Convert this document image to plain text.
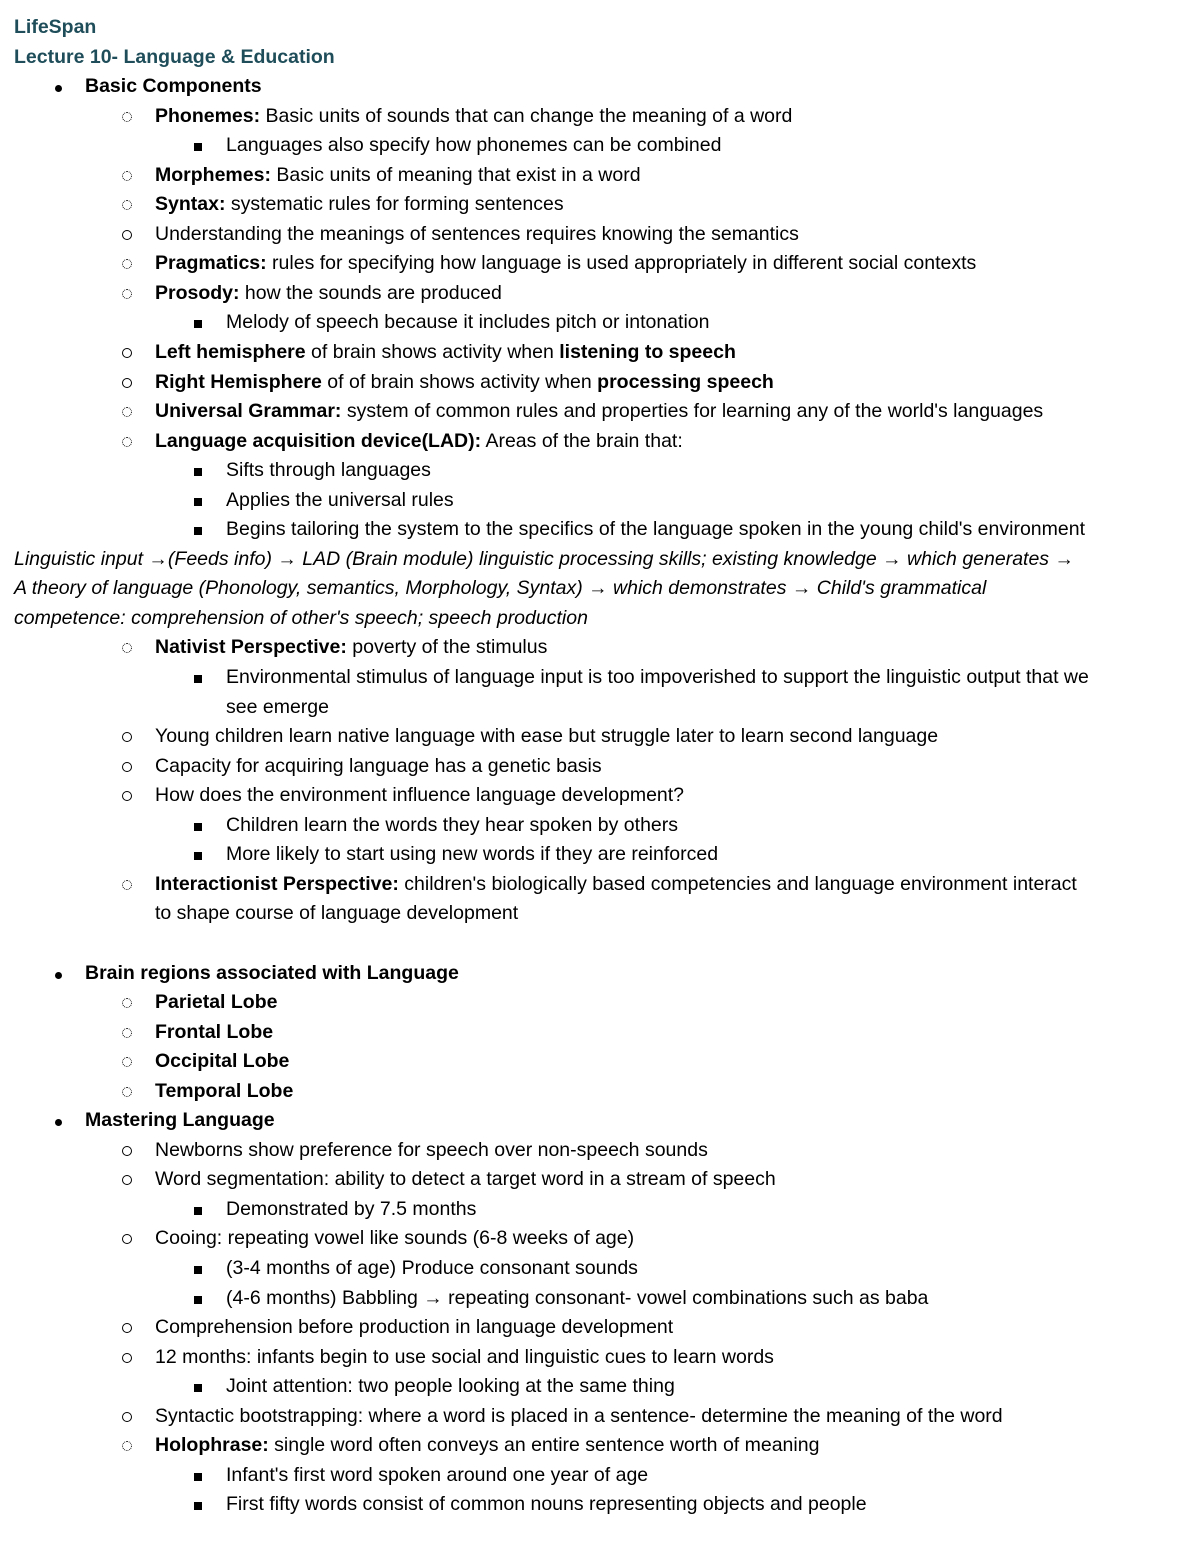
LifeSpan
Lecture 10- Language & Education
Basic Components
Phonemes: Basic units of sounds that can change the meaning of a word
Languages also specify how phonemes can be combined
Morphemes: Basic units of meaning that exist in a word
Syntax: systematic rules for forming sentences
Understanding the meanings of sentences requires knowing the semantics
Pragmatics: rules for specifying how language is used appropriately in different social contexts
Prosody: how the sounds are produced
Melody of speech because it includes pitch or intonation
Left hemisphere of brain shows activity when listening to speech
Right Hemisphere of of brain shows activity when processing speech
Universal Grammar: system of common rules and properties for learning any of the world's languages
Language acquisition device(LAD): Areas of the brain that:
Sifts through languages
Applies the universal rules
Begins tailoring the system to the specifics of the language spoken in the young child's environment
Linguistic input →(Feeds info) → LAD (Brain module) linguistic processing skills; existing knowledge → which generates →
A theory of language (Phonology, semantics, Morphology, Syntax) → which demonstrates → Child's grammatical
competence: comprehension of other's speech; speech production
Nativist Perspective: poverty of the stimulus
Environmental stimulus of language input is too impoverished to support the linguistic output that we
see emerge
Young children learn native language with ease but struggle later to learn second language
Capacity for acquiring language has a genetic basis
How does the environment influence language development?
Children learn the words they hear spoken by others
More likely to start using new words if they are reinforced
Interactionist Perspective: children's biologically based competencies and language environment interact
to shape course of language development
Brain regions associated with Language
Parietal Lobe
Frontal Lobe
Occipital Lobe
Temporal Lobe
Mastering Language
Newborns show preference for speech over non-speech sounds
Word segmentation: ability to detect a target word in a stream of speech
Demonstrated by 7.5 months
Cooing: repeating vowel like sounds (6-8 weeks of age)
(3-4 months of age) Produce consonant sounds
(4-6 months) Babbling → repeating consonant- vowel combinations such as baba
Comprehension before production in language development
12 months: infants begin to use social and linguistic cues to learn words
Joint attention: two people looking at the same thing
Syntactic bootstrapping: where a word is placed in a sentence- determine the meaning of the word
Holophrase: single word often conveys an entire sentence worth of meaning
Infant's first word spoken around one year of age
First fifty words consist of common nouns representing objects and people
